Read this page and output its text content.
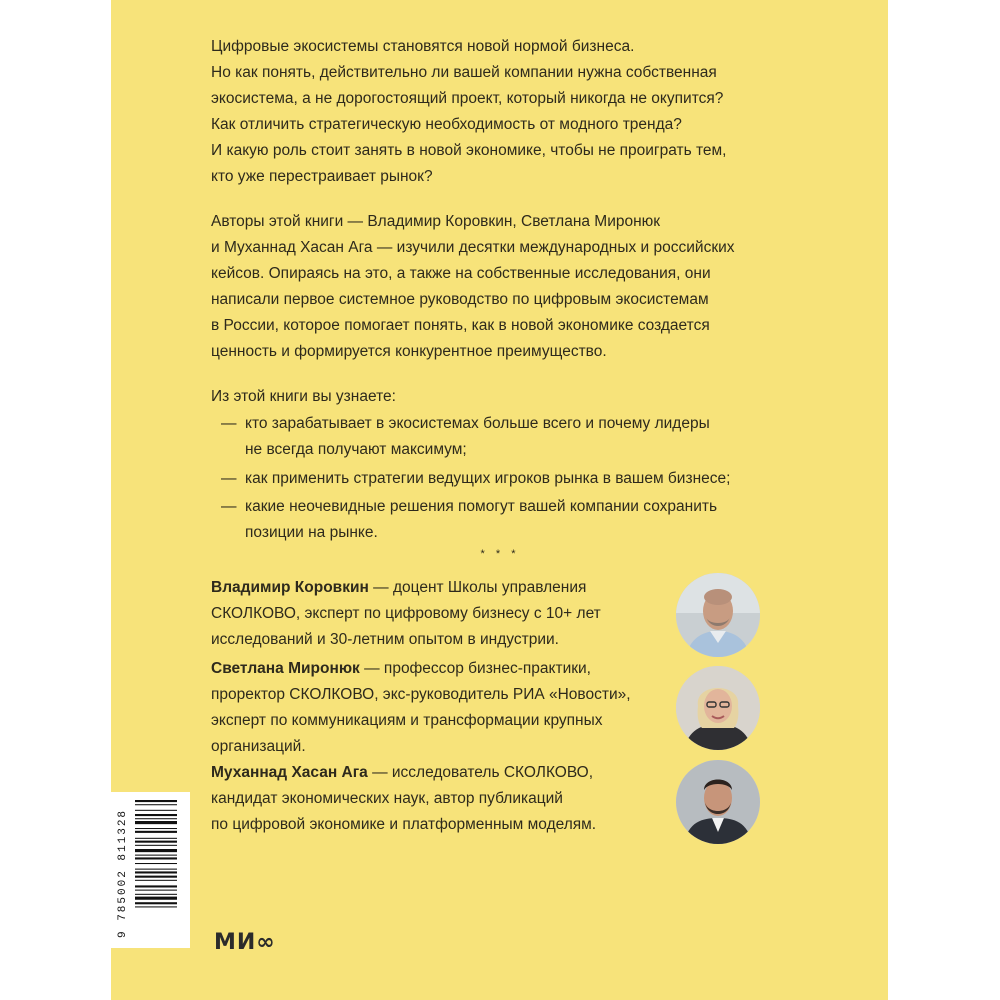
Цифровые экосистемы становятся новой нормой бизнеса.
Но как понять, действительно ли вашей компании нужна собственная
экосистема, а не дорогостоящий проект, который никогда не окупится?
Как отличить стратегическую необходимость от модного тренда?
И какую роль стоит занять в новой экономике, чтобы не проиграть тем,
кто уже перестраивает рынок?

Авторы этой книги — Владимир Коровкин, Светлана Миронюк
и Муханнад Хасан Ага — изучили десятки международных и российских
кейсов. Опираясь на это, а также на собственные исследования, они
написали первое системное руководство по цифровым экосистемам
в России, которое помогает понять, как в новой экономике создается
ценность и формируется конкурентное преимущество.

Из этой книги вы узнаете:
— кто зарабатывает в экосистемах больше всего и почему лидеры
не всегда получают максимум;
— как применить стратегии ведущих игроков рынка в вашем бизнесе;
— какие неочевидные решения помогут вашей компании сохранить
позиции на рынке.
* * *
Владимир Коровкин — доцент Школы управления
СКОЛКОВО, эксперт по цифровому бизнесу с 10+ лет
исследований и 30-летним опытом в индустрии.
Светлана Миронюк — профессор бизнес-практики,
проректор СКОЛКОВО, экс-руководитель РИА «Новости»,
эксперт по коммуникациям и трансформации крупных
организаций.
Муханнад Хасан Ага — исследователь СКОЛКОВО,
кандидат экономических наук, автор публикаций
по цифровой экономике и платформенным моделям.
9 785002 811328
МИ∞
